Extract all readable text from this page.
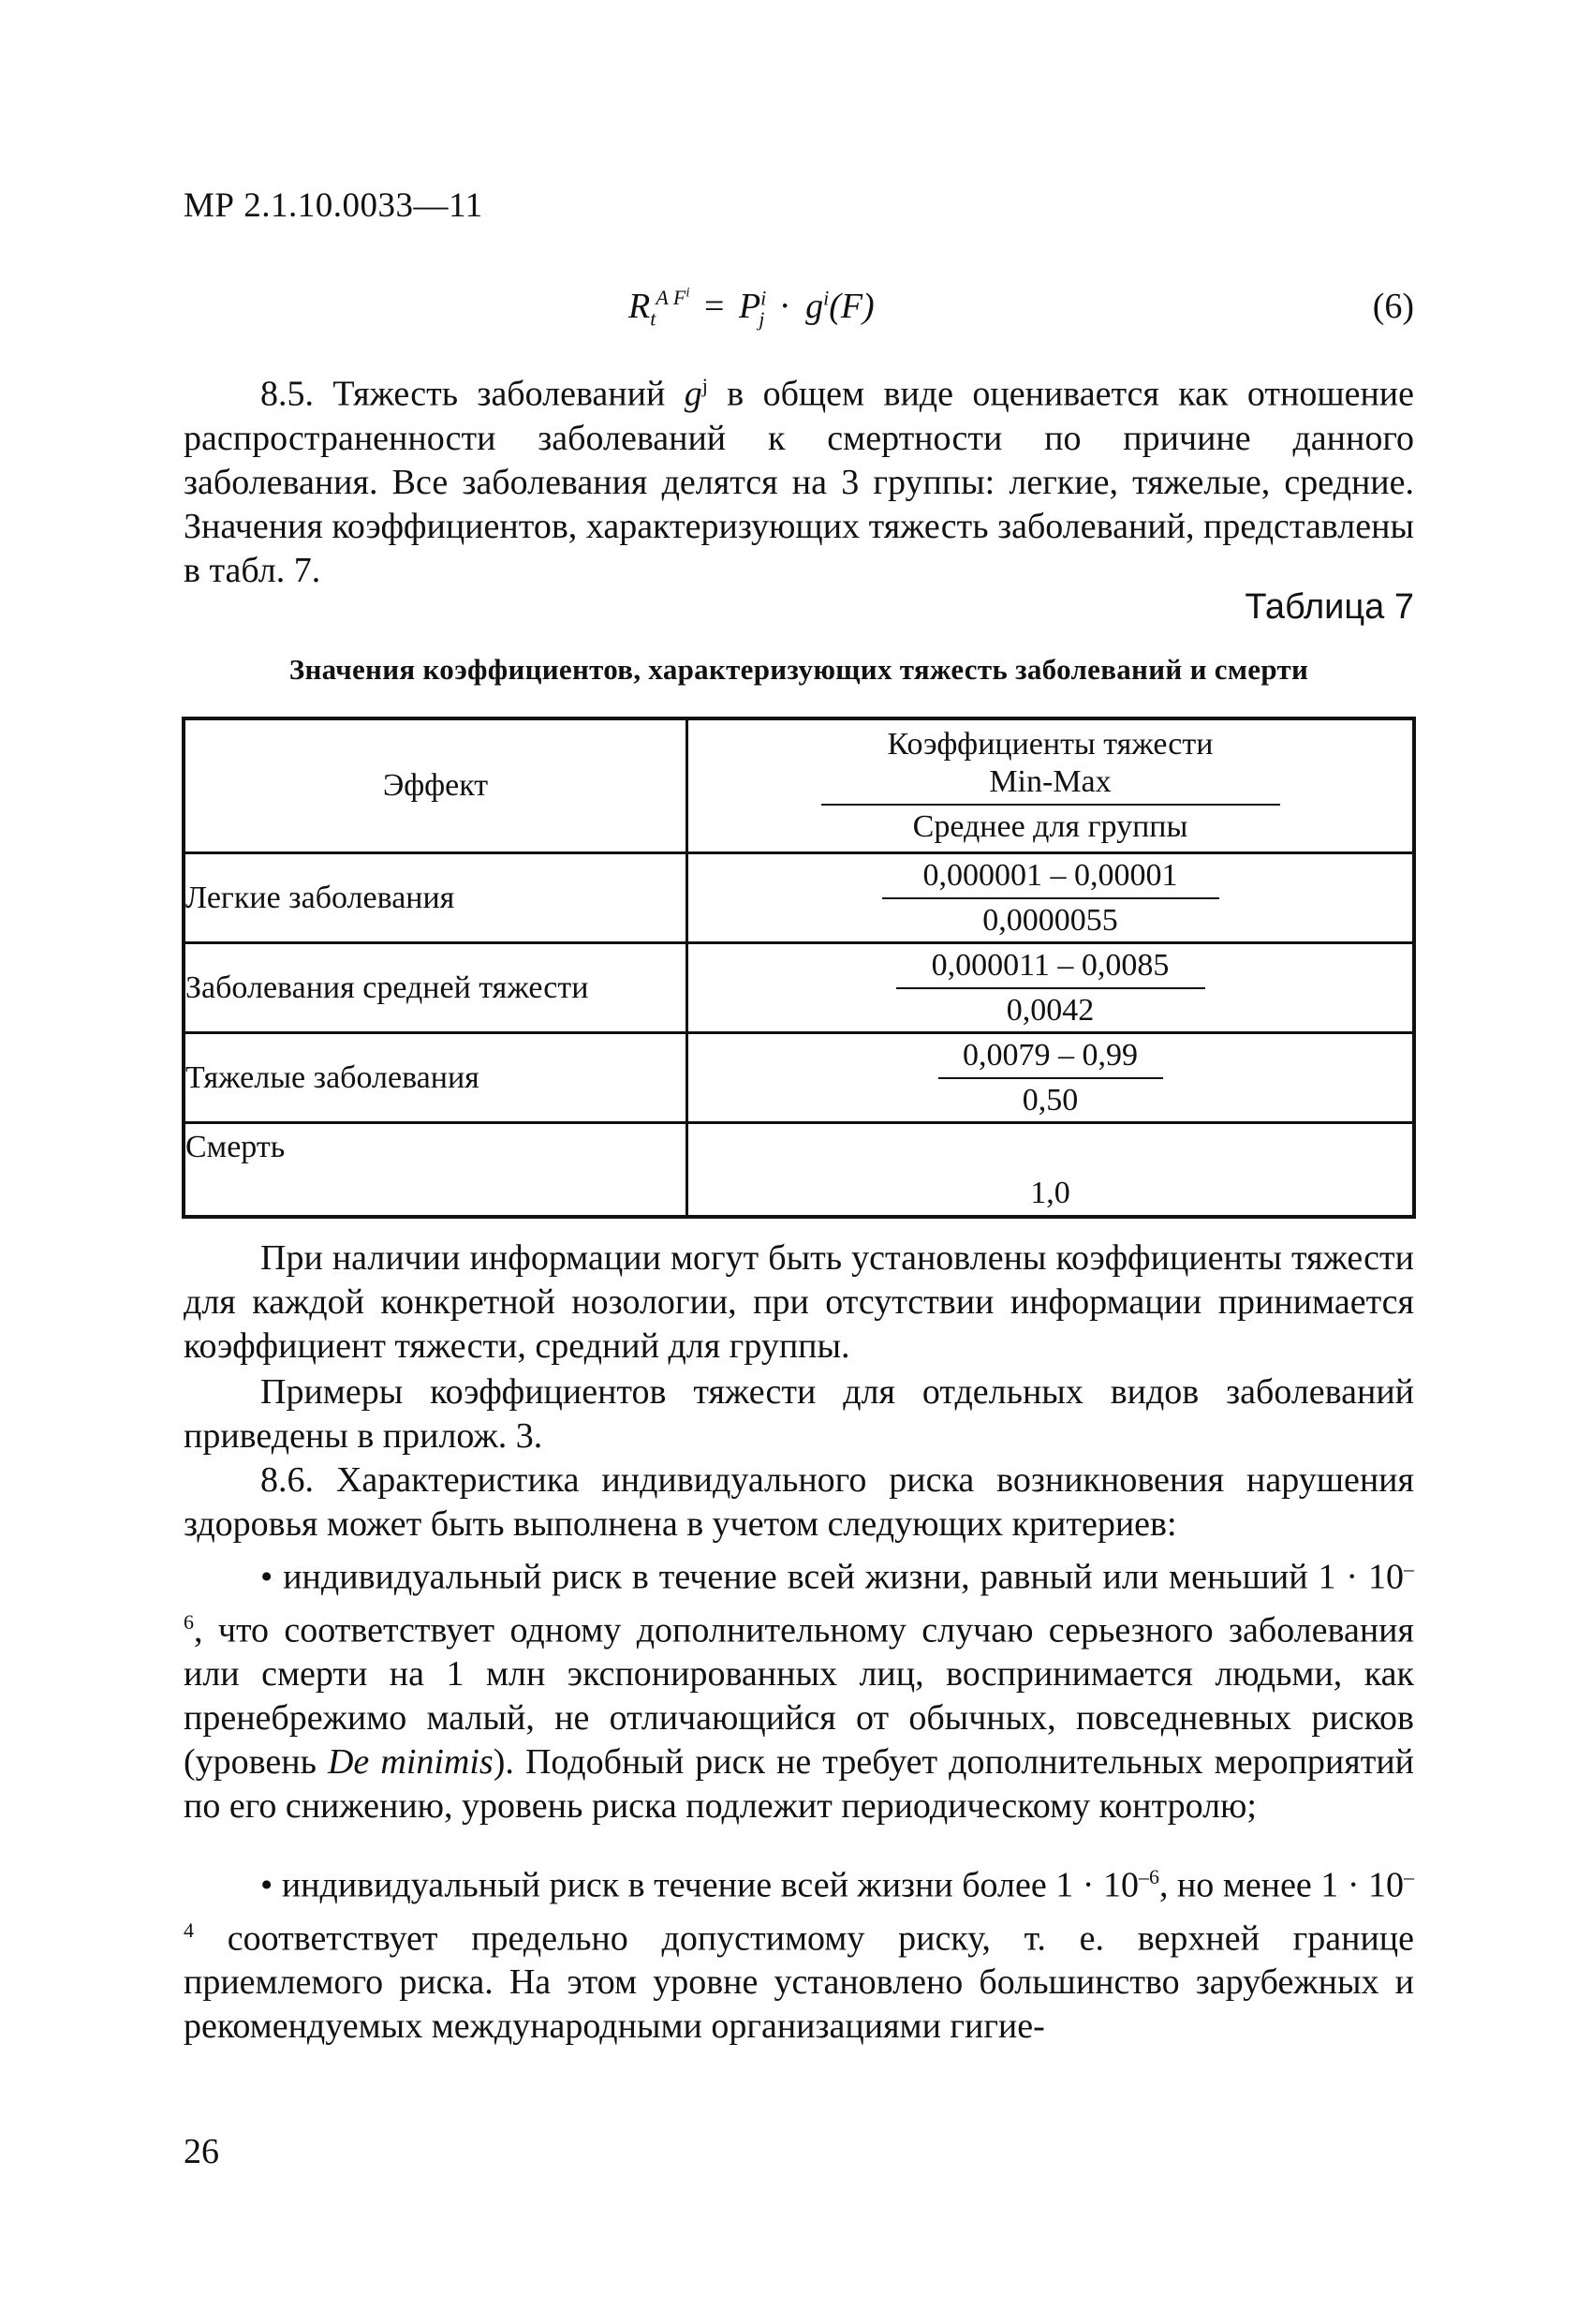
МР 2.1.10.0033—11
$R_t^{A F^i} = P^i_j \cdot g^i(F)$	(6)

8.5. Тяжесть заболеваний $g^j$ в общем виде оценивается как отношение распространенности заболеваний к смертности по причине данного заболевания. Все заболевания делятся на 3 группы: легкие, тяжелые, средние. Значения коэффициентов, характеризующих тяжесть заболеваний, представлены в табл. 7.

Таблица 7
Значения коэффициентов, характеризующих тяжесть заболеваний и смерти
Эффект	Коэффициенты тяжести
Min-Max
Среднее для группы

Легкие заболевания	$\frac{0,000001 - 0,00001}{0,0000055}$

Заболевания средней тяжести	$\frac{0,000011 - 0,0085}{0,0042}$

Тяжелые заболевания	$\frac{0,0079 - 0,99}{0,50}$

Смерть	1,0

При наличии информации могут быть установлены коэффициенты тяжести для каждой конкретной нозологии, при отсутствии информации принимается коэффициент тяжести, средний для группы.

Примеры коэффициентов тяжести для отдельных видов заболеваний приведены в прилож. 3.

8.6. Характеристика индивидуального риска возникновения нарушения здоровья может быть выполнена в учетом следующих критериев:

• индивидуальный риск в течение всей жизни, равный или меньший $1 \cdot 10^{-6}$, что соответствует одному дополнительному случаю серьезного заболевания или смерти на 1 млн экспонированных лиц, воспринимается людьми, как пренебрежимо малый, не отличающийся от обычных, повседневных рисков (уровень De minimis). Подобный риск не требует дополнительных мероприятий по его снижению, уровень риска подлежит периодическому контролю;

• индивидуальный риск в течение всей жизни более $1 \cdot 10^{-6}$, но менее $1 \cdot 10^{-4}$ соответствует предельно допустимому риску, т. е. верхней границе приемлемого риска. На этом уровне установлено большинство зарубежных и рекомендуемых международными организациями гигие-

26
